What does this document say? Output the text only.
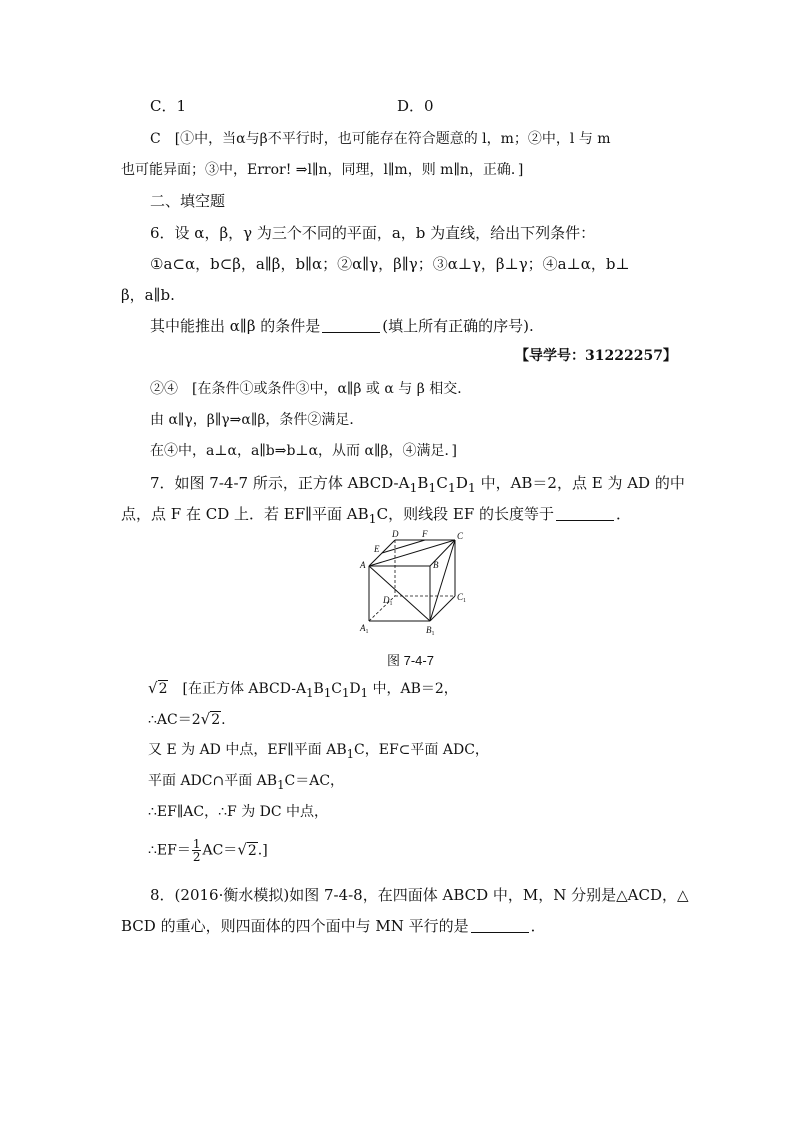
C．1	D．0
C　[①中，当α与β不平行时，也可能存在符合题意的 l，m；②中，l 与 m
也可能异面；③中，Error! ⇒l∥n，同理，l∥m，则 m∥n，正确．]
二、填空题
6．设 α，β，γ 为三个不同的平面，a，b 为直线，给出下列条件：
①a⊂α，b⊂β，a∥β，b∥α；②α∥γ，β∥γ；③α⊥γ，β⊥γ；④a⊥α，b⊥
β，a∥b.
其中能推出 α∥β 的条件是	(填上所有正确的序号).
【导学号：31222257】
②④　[在条件①或条件③中，α∥β 或 α 与 β 相交．
由 α∥γ，β∥γ⇒α∥β，条件②满足．
在④中，a⊥α，a∥b⇒b⊥α，从而 α∥β，④满足．]
7．如图 7-4-7 所示，正方体 ABCD-$A_1B_1C_1D_1$ 中，AB＝2，点 E 为 AD 的中
点，点 F 在 CD 上．若 EF∥平面 $AB_1C$，则线段 EF 的长度等于	．
E
D	F	C
A	B
$D_1$
$C_1$
$A_1$	$B_1$
图 7-4-7
√2　[在正方体 ABCD-$A_1B_1C_1D_1$ 中，AB＝2，
∴AC＝2√2.
又 E 为 AD 中点，EF∥平面 $AB_1C$，EF⊂平面 ADC，
平面 ADC∩平面 $AB_1C=AC$，
∴EF∥AC，∴F 为 DC 中点，
∴EF＝ $\frac{1}{2} AC=√2$.]
8．(2016·衡水模拟)如图 7-4-8，在四面体 ABCD 中，M，N 分别是△ACD，△
BCD 的重心，则四面体的四个面中与 MN 平行的是	．
